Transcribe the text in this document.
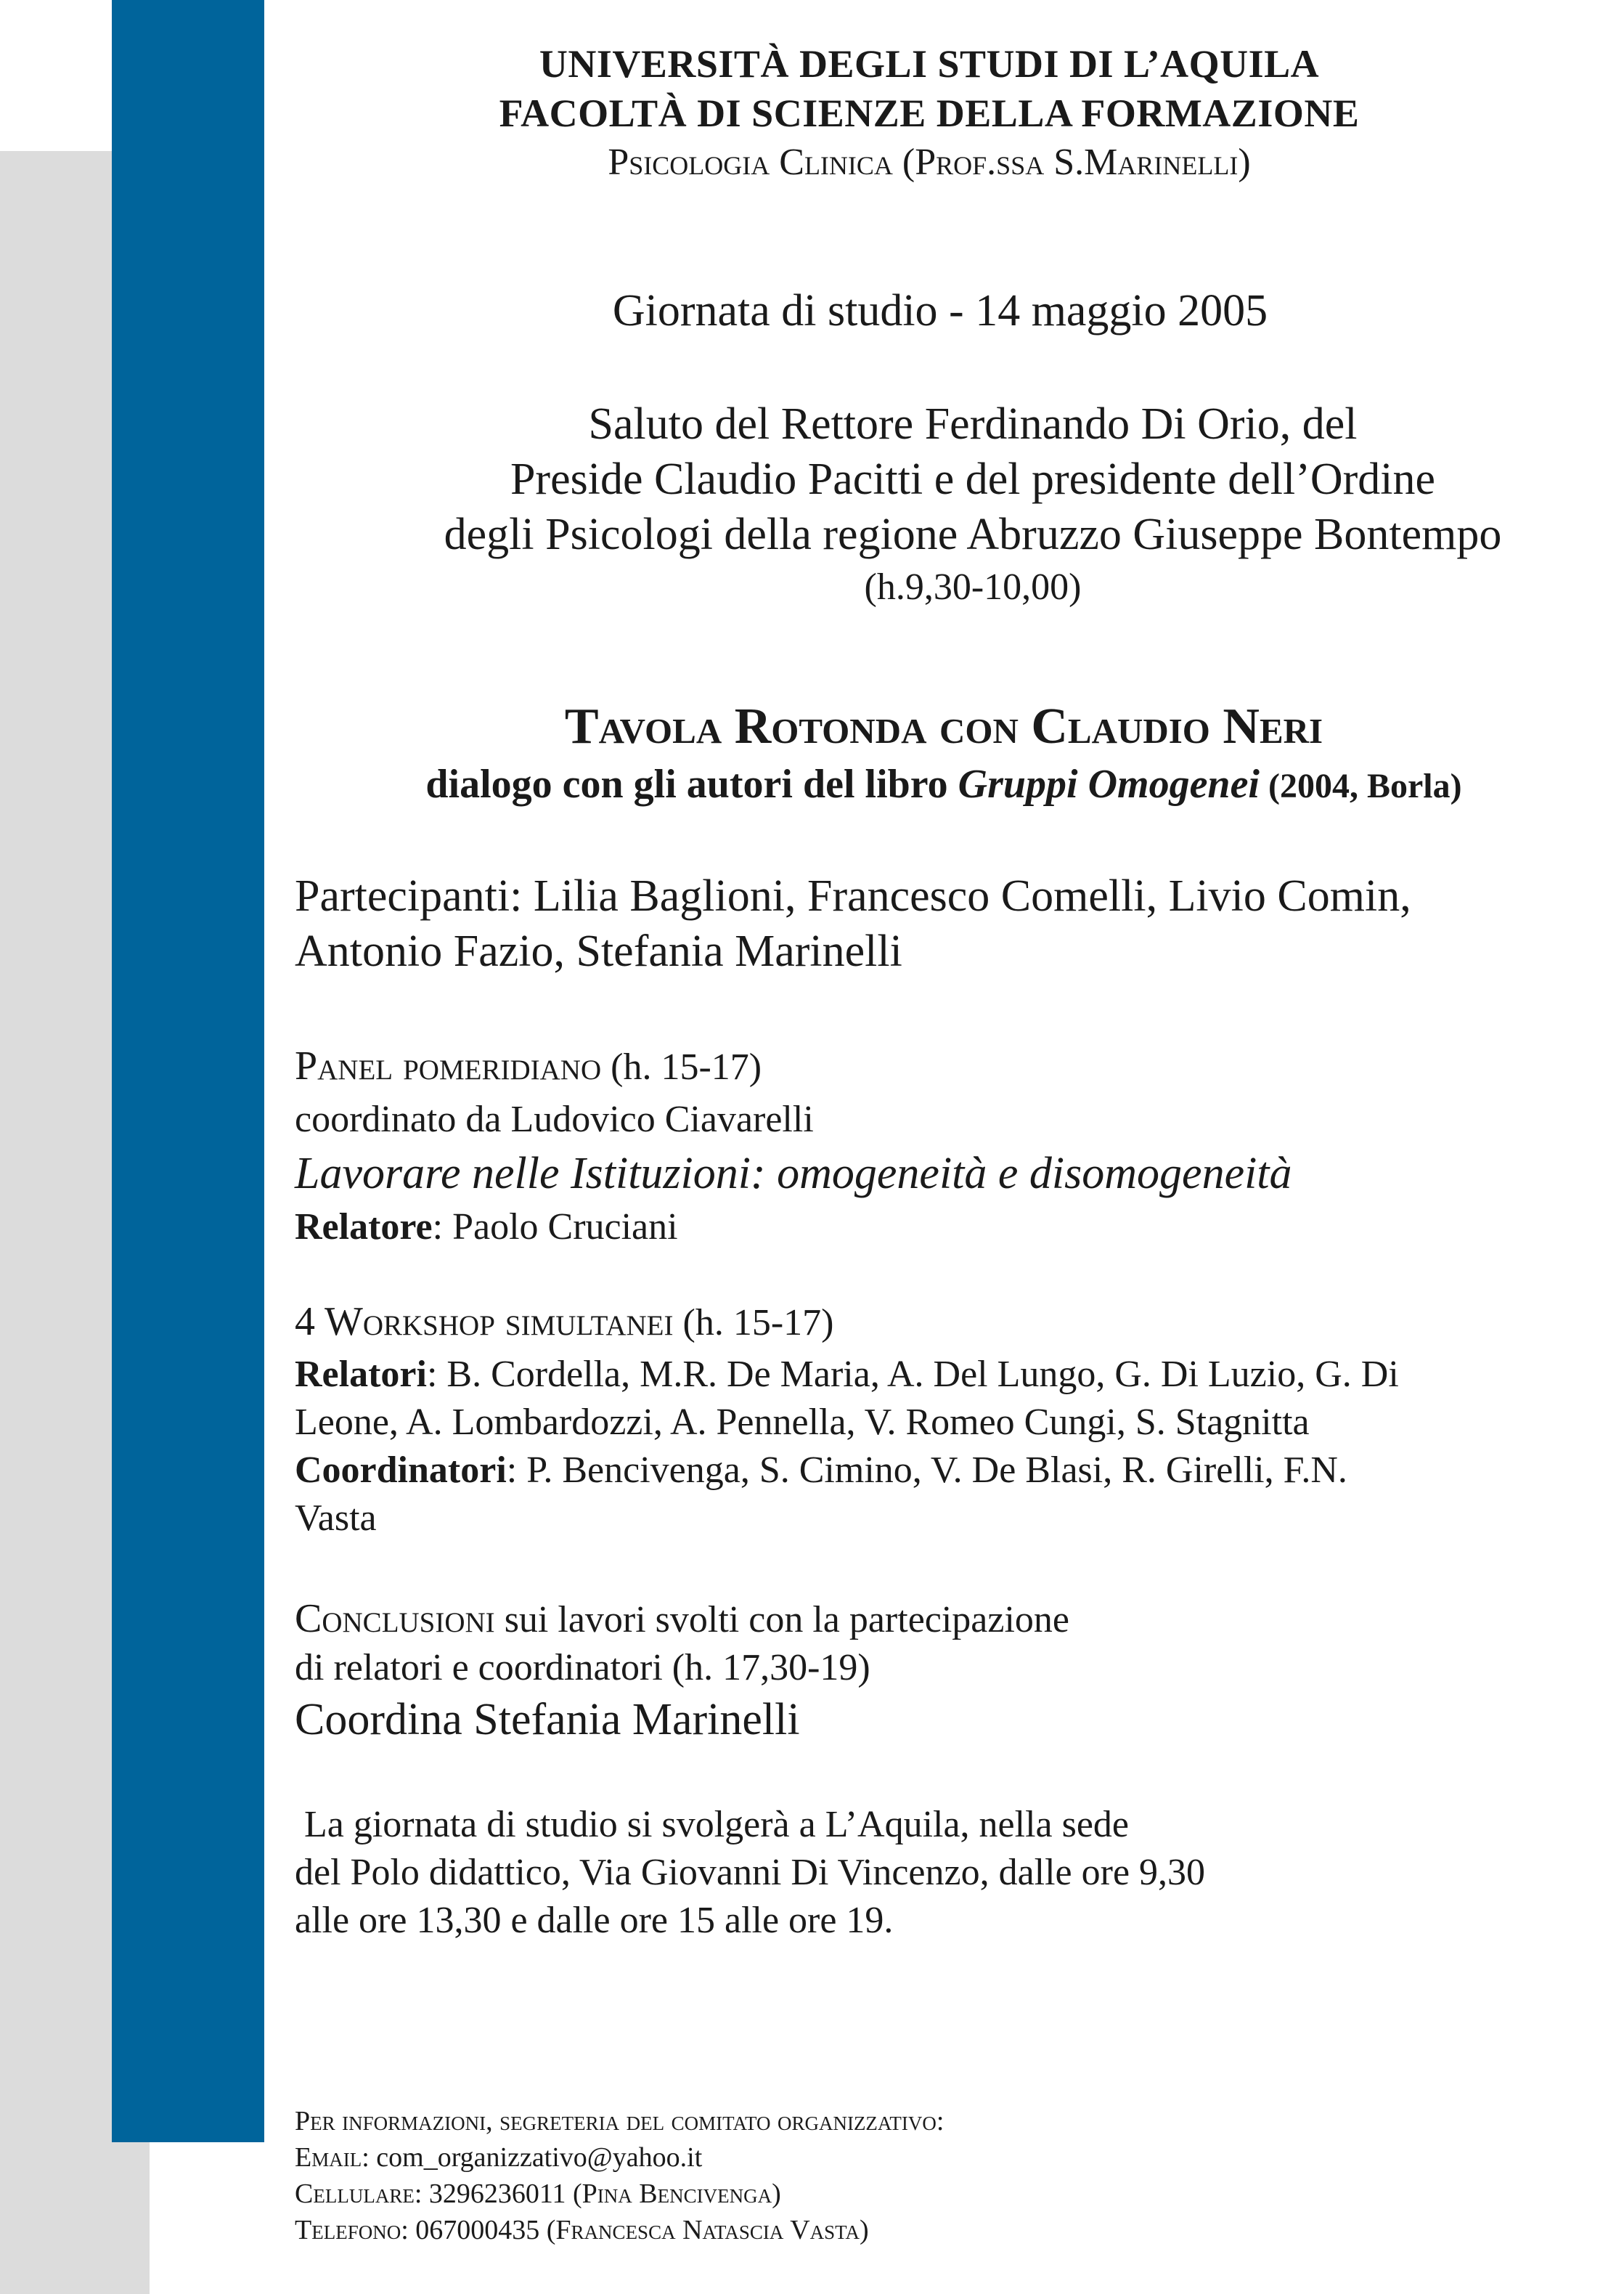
UNIVERSITÀ DEGLI STUDI DI L’AQUILA
FACOLTÀ DI SCIENZE DELLA FORMAZIONE
Psicologia Clinica (Prof.ssa S.Marinelli)
Giornata di studio - 14 maggio 2005
Saluto del Rettore Ferdinando Di Orio, del
Preside Claudio Pacitti e del presidente dell’Ordine
degli Psicologi della regione Abruzzo Giuseppe Bontempo
(h.9,30-10,00)
Tavola Rotonda con Claudio Neri
dialogo con gli autori del libro Gruppi Omogenei (2004, Borla)
Partecipanti: Lilia Baglioni, Francesco Comelli, Livio Comin,
Antonio Fazio, Stefania Marinelli
Panel pomeridiano (h. 15-17)
coordinato da Ludovico Ciavarelli
Lavorare nelle Istituzioni: omogeneità e disomogeneità
Relatore: Paolo Cruciani
4 Workshop simultanei (h. 15-17)
Relatori: B. Cordella, M.R. De Maria, A. Del Lungo, G. Di Luzio, G. Di
Leone, A. Lombardozzi, A. Pennella, V. Romeo Cungi, S. Stagnitta
Coordinatori: P. Bencivenga, S. Cimino, V. De Blasi, R. Girelli, F.N.
Vasta
Conclusioni sui lavori svolti con la partecipazione
di relatori e coordinatori (h. 17,30-19)
Coordina Stefania Marinelli
La giornata di studio si svolgerà a L’Aquila, nella sede
del Polo didattico, Via Giovanni Di Vincenzo, dalle ore 9,30
alle ore 13,30 e dalle ore 15 alle ore 19.
Per informazioni, segreteria del comitato organizzativo:
Email: com_organizzativo@yahoo.it
Cellulare: 3296236011 (Pina Bencivenga)
Telefono: 067000435 (Francesca Natascia Vasta)
